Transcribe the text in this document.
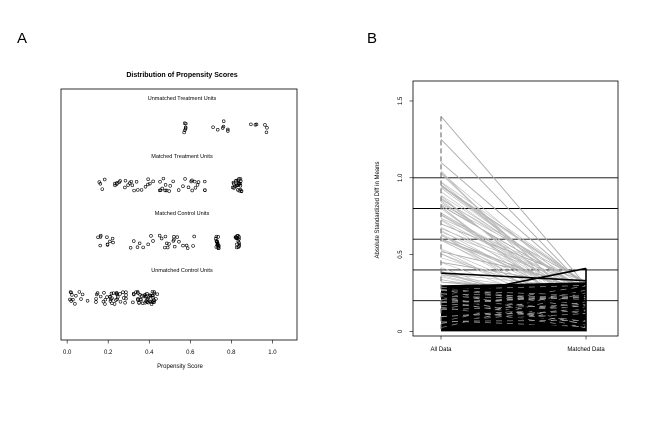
A	B
Distribution of Propensity Scores
Unmatched Treatment Units
Matched Treatment Units
Matched Control Units
Unmatched Control Units
0.0	0.2	0.4	0.6	0.8	1.0
Propensity Score
0
0.5
1.0
1.5
All Data	Matched Data
Absolute Standardized Diff in Means
